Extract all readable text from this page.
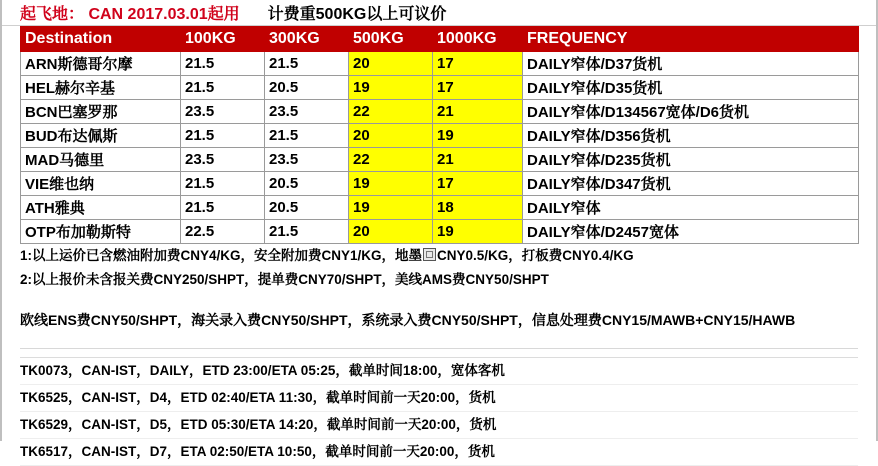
起飞地： CAN 2017.03.01起用 计费重500KG以上可议价
Destination	100KG	300KG	500KG	1000KG	FREQUENCY
ARN斯德哥尔摩	21.5	21.5	20	17	DAILY窄体/D37货机
HEL赫尔辛基	21.5	20.5	19	17	DAILY窄体/D35货机
BCN巴塞罗那	23.5	23.5	22	21	DAILY窄体/D134567宽体/D6货机
BUD布达佩斯	21.5	21.5	20	19	DAILY窄体/D356货机
MAD马德里	23.5	23.5	22	21	DAILY窄体/D235货机
VIE维也纳	21.5	20.5	19	17	DAILY窄体/D347货机
ATH雅典	21.5	20.5	19	18	DAILY窄体
OTP布加勒斯特	22.5	21.5	20	19	DAILY窄体/D2457宽体
1:以上运价已含燃油附加费CNY4/KG，安全附加费CNY1/KG，地墨 CNY0.5/KG，打板费CNY0.4/KG
2:以上报价未含报关费CNY250/SHPT，提单费CNY70/SHPT，美线AMS费CNY50/SHPT
欧线ENS费CNY50/SHPT，海关录入费CNY50/SHPT，系统录入费CNY50/SHPT，信息处理费CNY15/MAWB+CNY15/HAWB
TK0073，CAN-IST，DAILY，ETD 23:00/ETA 05:25，截单时间18:00，宽体客机
TK6525，CAN-IST，D4，ETD 02:40/ETA 11:30，截单时间前一天20:00，货机
TK6529，CAN-IST，D5，ETD 05:30/ETA 14:20，截单时间前一天20:00，货机
TK6517，CAN-IST，D7，ETA 02:50/ETA 10:50，截单时间前一天20:00，货机
